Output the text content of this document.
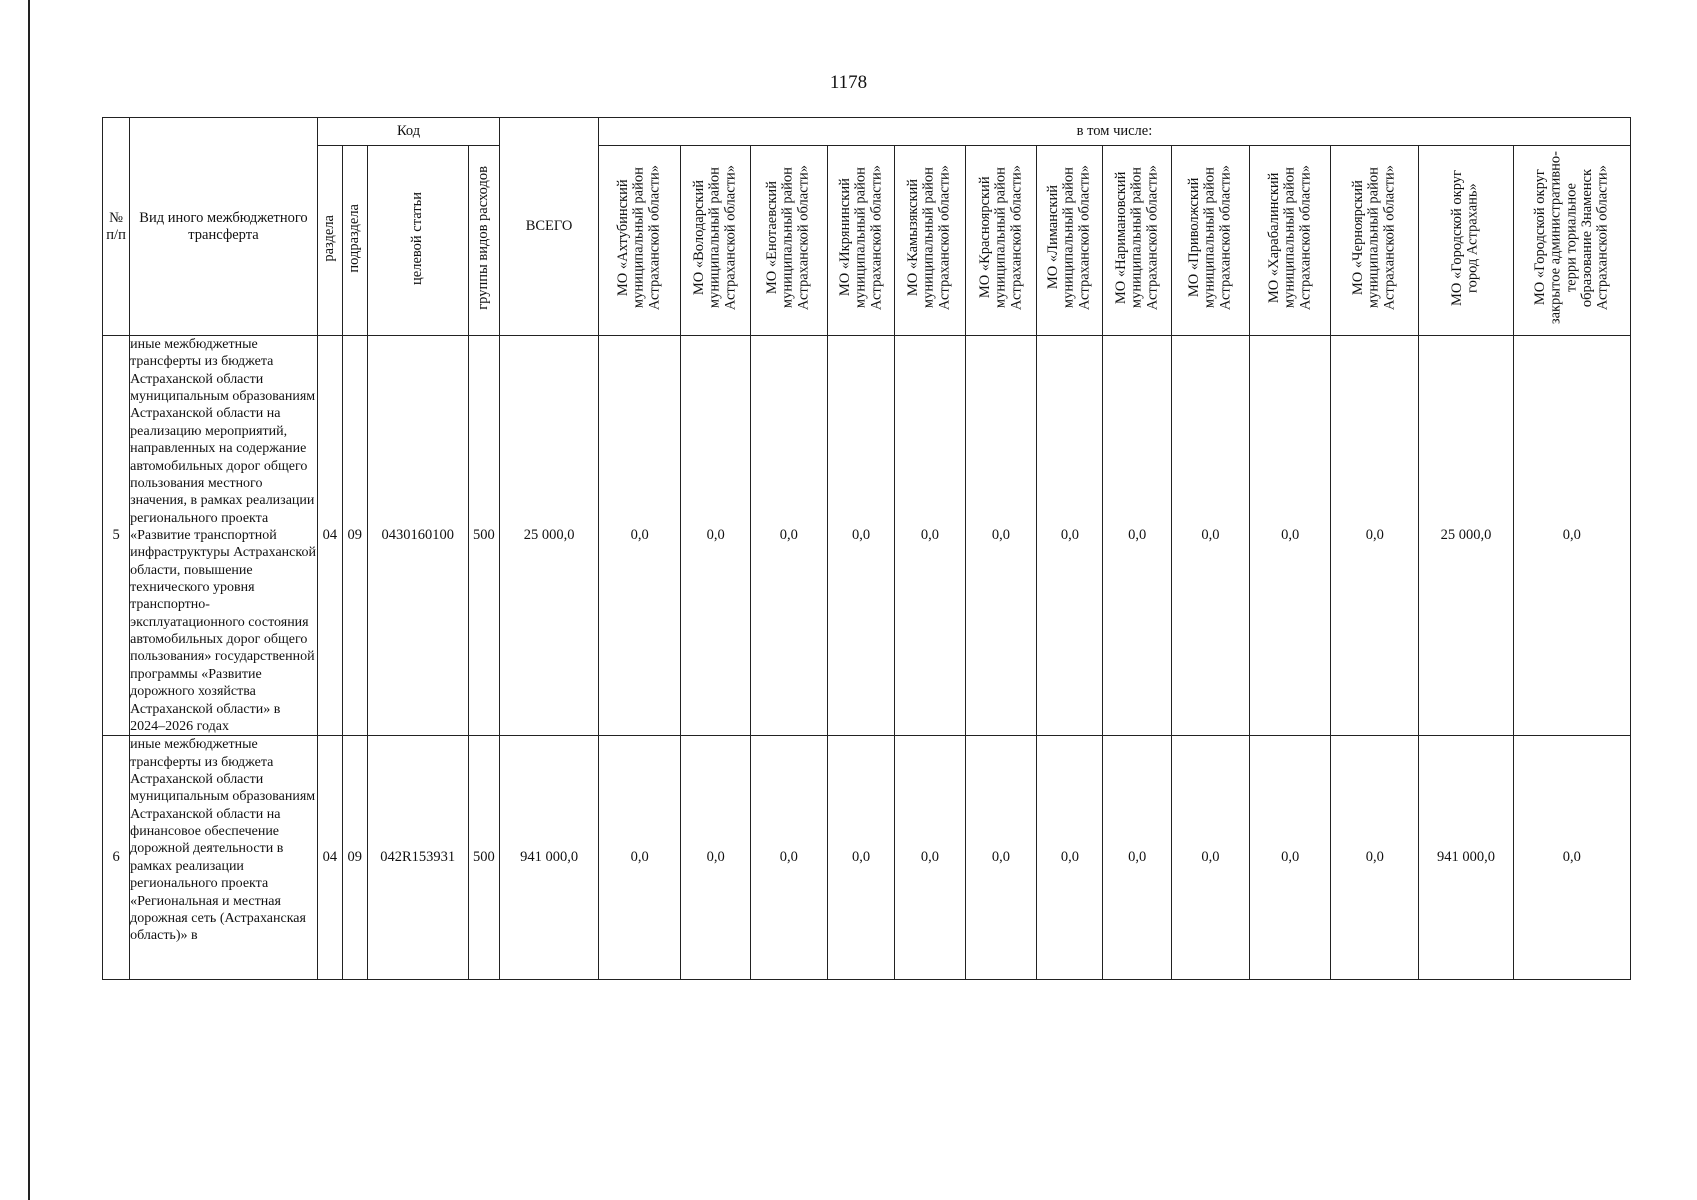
1178
№
п/п	Вид иного межбюджетного трансферта	Код				ВСЕГО	в том числе:												
		раздела	подраздела	целевой статьи	группы видов расходов		МО «Ахтубинский
муниципальный район
Астраханской области»	МО «Володарский
муниципальный район
Астраханской области»	МО «Енотаевский
муниципальный район
Астраханской области»	МО «Икрянинский
муниципальный район
Астраханской области»	МО «Камызякский
муниципальный район
Астраханской области»	МО «Красноярский
муниципальный район
Астраханской области»	МО «Лиманский
муниципальный район
Астраханской области»	МО «Наримановский
муниципальный район
Астраханской области»	МО «Приволжский
муниципальный район
Астраханской области»	МО «Харабалинский
муниципальный район
Астраханской области»	МО «Черноярский
муниципальный район
Астраханской области»	МО «Городской округ
город Астрахань»	МО «Городской округ
закрытое административно-
терри ториальное
образование Знаменск
Астраханской области»
5	иные межбюджетные трансферты из бюджета Астраханской области муниципальным образованиям Астраханской области на реализацию мероприятий, направленных на содержание автомобильных дорог общего пользования местного значения, в рамках реализации регионального проекта «Развитие транспортной инфраструктуры Астраханской области, повышение технического уровня транспортно-эксплуатационного состояния автомобильных дорог общего пользования» государственной программы «Развитие дорожного хозяйства Астраханской области» в 2024–2026 годах	04	09	0430160100	500	25 000,0	0,0	0,0	0,0	0,0	0,0	0,0	0,0	0,0	0,0	0,0	0,0	25 000,0	0,0
6	иные межбюджетные трансферты из бюджета Астраханской области муниципальным образованиям Астраханской области на финансовое обеспечение дорожной деятельности в рамках реализации регионального проекта «Региональная и местная дорожная сеть (Астраханская область)» в	04	09	042R153931	500	941 000,0	0,0	0,0	0,0	0,0	0,0	0,0	0,0	0,0	0,0	0,0	0,0	941 000,0	0,0
